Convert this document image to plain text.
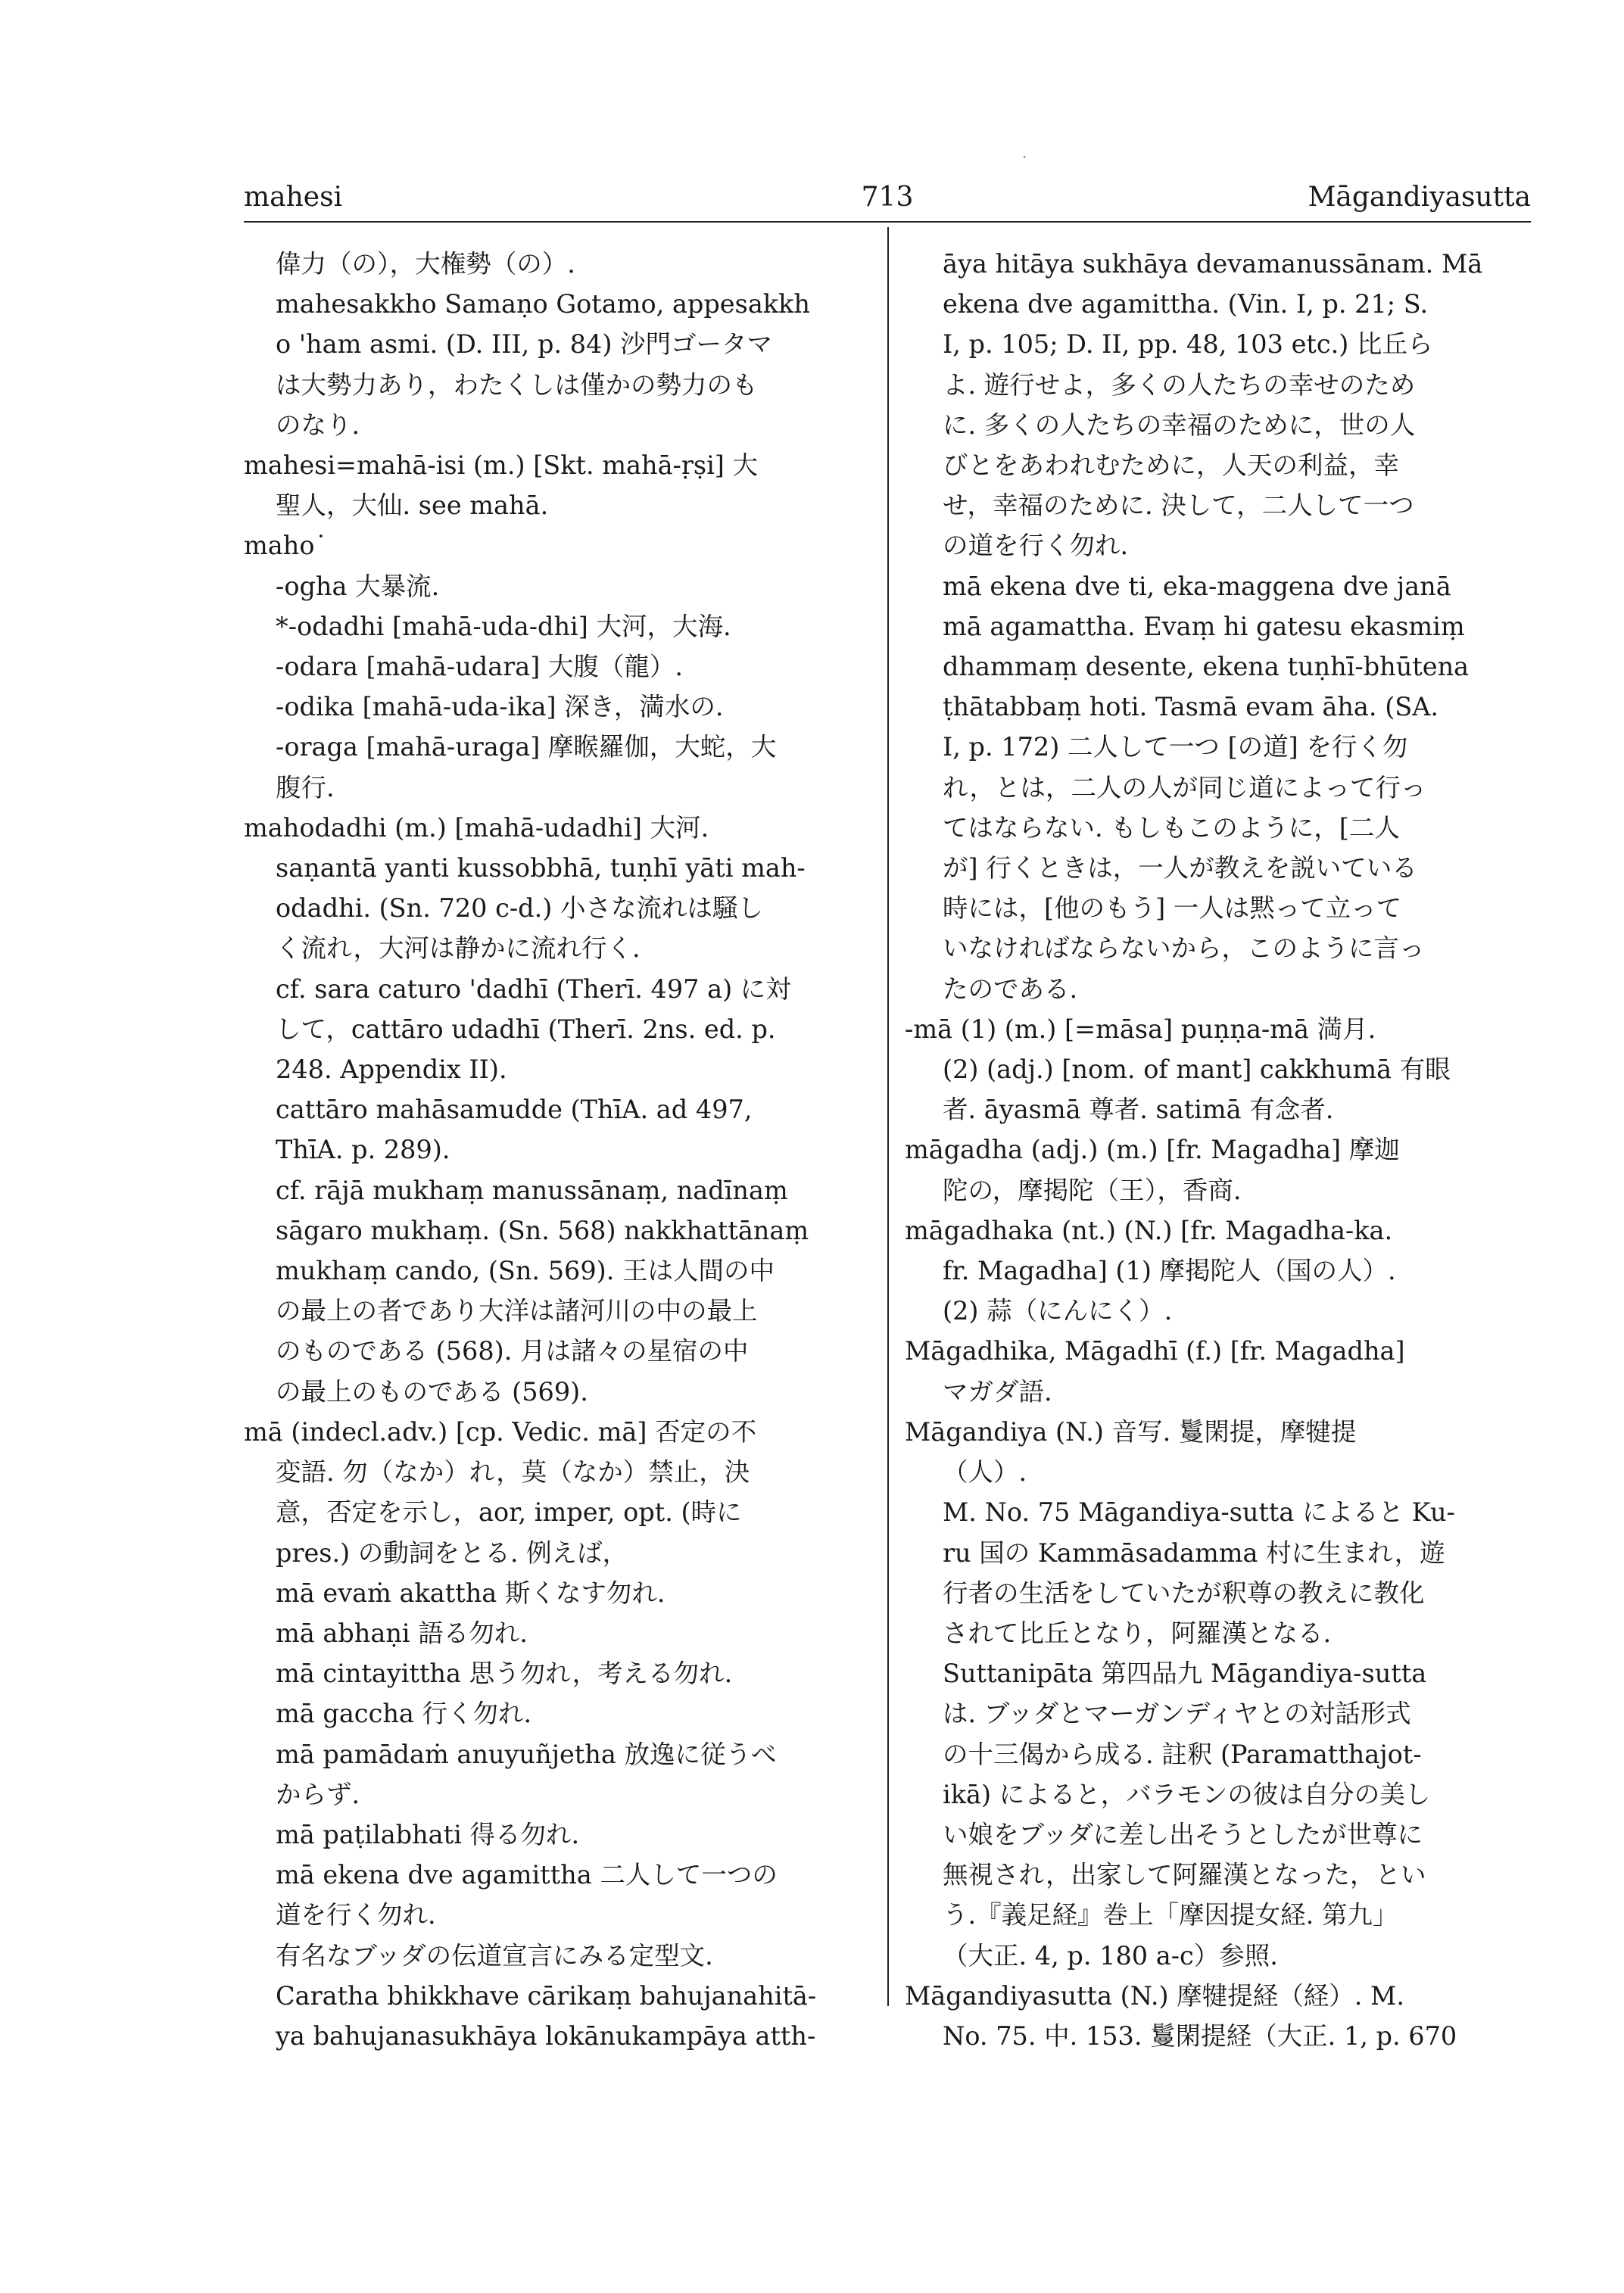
·
mahesi	713	Māgandiyasutta

偉力（の），大権勢（の）.

mahesakkho Samaṇo Gotamo, appesakkh

o 'ham asmi. (D. III, p. 84) 沙門ゴータマ

は大勢力あり，わたくしは僅かの勢力のも

のなり.

mahesi=mahā-isi (m.) [Skt. mahā-ṛṣi] 大

聖人，大仙. see mahā.

maho˙

-ogha 大暴流.

*-odadhi [mahā-uda-dhi] 大河，大海.

-odara [mahā-udara] 大腹（龍）.

-odika [mahā-uda-ika] 深き，満水の.

-oraga [mahā-uraga] 摩睺羅伽，大蛇，大

腹行.

mahodadhi (m.) [mahā-udadhi] 大河.

saṇantā yanti kussobbhā, tuṇhī yāti mah-

odadhi. (Sn. 720 c-d.) 小さな流れは騒し

く流れ，大河は静かに流れ行く.

cf. sara caturo 'dadhī (Therī. 497 a) に対

して，cattāro udadhī (Therī. 2ns. ed. p.

248. Appendix II).

cattāro mahāsamudde (ThīA. ad 497,

ThīA. p. 289).

cf. rājā mukhaṃ manussānaṃ, nadīnaṃ

sāgaro mukhaṃ. (Sn. 568) nakkhattānaṃ

mukhaṃ cando, (Sn. 569). 王は人間の中

の最上の者であり大洋は諸河川の中の最上

のものである (568). 月は諸々の星宿の中

の最上のものである (569).

mā (indecl.adv.) [cp. Vedic. mā] 否定の不

変語. 勿（なか）れ，莫（なか）禁止，決

意，否定を示し，aor, imper, opt. (時に

pres.) の動詞をとる. 例えば，

mā evaṁ akattha 斯くなす勿れ.

mā abhaṇi 語る勿れ.

mā cintayittha 思う勿れ，考える勿れ.

mā gaccha 行く勿れ.

mā pamādaṁ anuyuñjetha 放逸に従うべ

からず.

mā paṭilabhati 得る勿れ.

mā ekena dve agamittha 二人して一つの

道を行く勿れ.

有名なブッダの伝道宣言にみる定型文.

Caratha bhikkhave cārikaṃ bahujanahitā-

ya bahujanasukhāya lokānukampāya atth-

āya hitāya sukhāya devamanussānam. Mā

ekena dve agamittha. (Vin. I, p. 21; S.

I, p. 105; D. II, pp. 48, 103 etc.) 比丘ら

よ. 遊行せよ，多くの人たちの幸せのため

に. 多くの人たちの幸福のために，世の人

びとをあわれむために，人天の利益，幸

せ，幸福のために. 決して，二人して一つ

の道を行く勿れ.

mā ekena dve ti, eka-maggena dve janā

mā agamattha. Evaṃ hi gatesu ekasmiṃ

dhammaṃ desente, ekena tuṇhī-bhūtena

ṭhātabbaṃ hoti. Tasmā evam āha. (SA.

I, p. 172) 二人して一つ [の道] を行く勿

れ，とは，二人の人が同じ道によって行っ

てはならない. もしもこのように，[二人

が] 行くときは，一人が教えを説いている

時には，[他のもう] 一人は黙って立って

いなければならないから，このように言っ

たのである.

-mā (1) (m.) [=māsa] puṇṇa-mā 満月.

(2) (adj.) [nom. of mant] cakkhumā 有眼

者. āyasmā 尊者. satimā 有念者.

māgadha (adj.) (m.) [fr. Magadha] 摩迦

陀の，摩掲陀（王），香商.

māgadhaka (nt.) (N.) [fr. Magadha-ka.

fr. Magadha] (1) 摩掲陀人（国の人）.

(2) 蒜（にんにく）.

Māgadhika, Māgadhī (f.) [fr. Magadha]

マガダ語.

Māgandiya (N.) 音写. 鬘閑提，摩犍提

（人）.

M. No. 75 Māgandiya-sutta によると Ku-

ru 国の Kammāsadamma 村に生まれ，遊

行者の生活をしていたが釈尊の教えに教化

されて比丘となり，阿羅漢となる.

Suttanipāta 第四品九 Māgandiya-sutta

は. ブッダとマーガンディヤとの対話形式

の十三偈から成る. 註釈 (Paramatthajot-

ikā) によると，バラモンの彼は自分の美し

い娘をブッダに差し出そうとしたが世尊に

無視され，出家して阿羅漢となった，とい

う.『義足経』巻上「摩因提女経. 第九」

（大正. 4, p. 180 a-c）参照.

Māgandiyasutta (N.) 摩犍提経（経）. M.

No. 75. 中. 153. 鬘閑提経（大正. 1, p. 670
